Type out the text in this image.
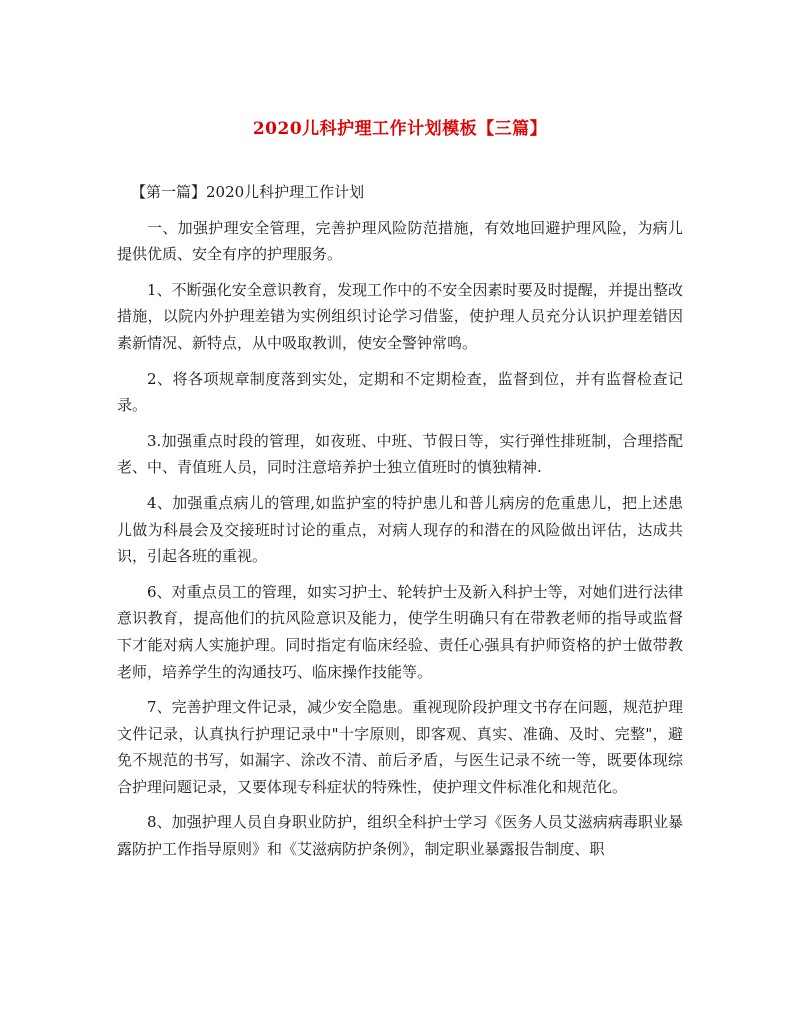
2020儿科护理工作计划模板【三篇】

【第一篇】2020儿科护理工作计划

一、加强护理安全管理，完善护理风险防范措施，有效地回避护理风险，为病儿提供优质、安全有序的护理服务。

1、不断强化安全意识教育，发现工作中的不安全因素时要及时提醒，并提出整改措施，以院内外护理差错为实例组织讨论学习借鉴，使护理人员充分认识护理差错因素新情况、新特点，从中吸取教训，使安全警钟常鸣。

2、将各项规章制度落到实处，定期和不定期检查，监督到位，并有监督检查记录。

3.加强重点时段的管理，如夜班、中班、节假日等，实行弹性排班制，合理搭配老、中、青值班人员，同时注意培养护士独立值班时的慎独精神.

4、加强重点病儿的管理,如监护室的特护患儿和普儿病房的危重患儿，把上述患儿做为科晨会及交接班时讨论的重点，对病人现存的和潜在的风险做出评估，达成共识，引起各班的重视。

6、对重点员工的管理，如实习护士、轮转护士及新入科护士等，对她们进行法律意识教育，提高他们的抗风险意识及能力，使学生明确只有在带教老师的指导或监督下才能对病人实施护理。同时指定有临床经验、责任心强具有护师资格的护士做带教老师，培养学生的沟通技巧、临床操作技能等。

7、完善护理文件记录，减少安全隐患。重视现阶段护理文书存在问题，规范护理文件记录，认真执行护理记录中"十字原则，即客观、真实、准确、及时、完整"，避免不规范的书写，如漏字、涂改不清、前后矛盾，与医生记录不统一等，既要体现综合护理问题记录，又要体现专科症状的特殊性，使护理文件标准化和规范化。

8、加强护理人员自身职业防护，组织全科护士学习《医务人员艾滋病病毒职业暴露防护工作指导原则》和《艾滋病防护条例》，制定职业暴露报告制度、职
